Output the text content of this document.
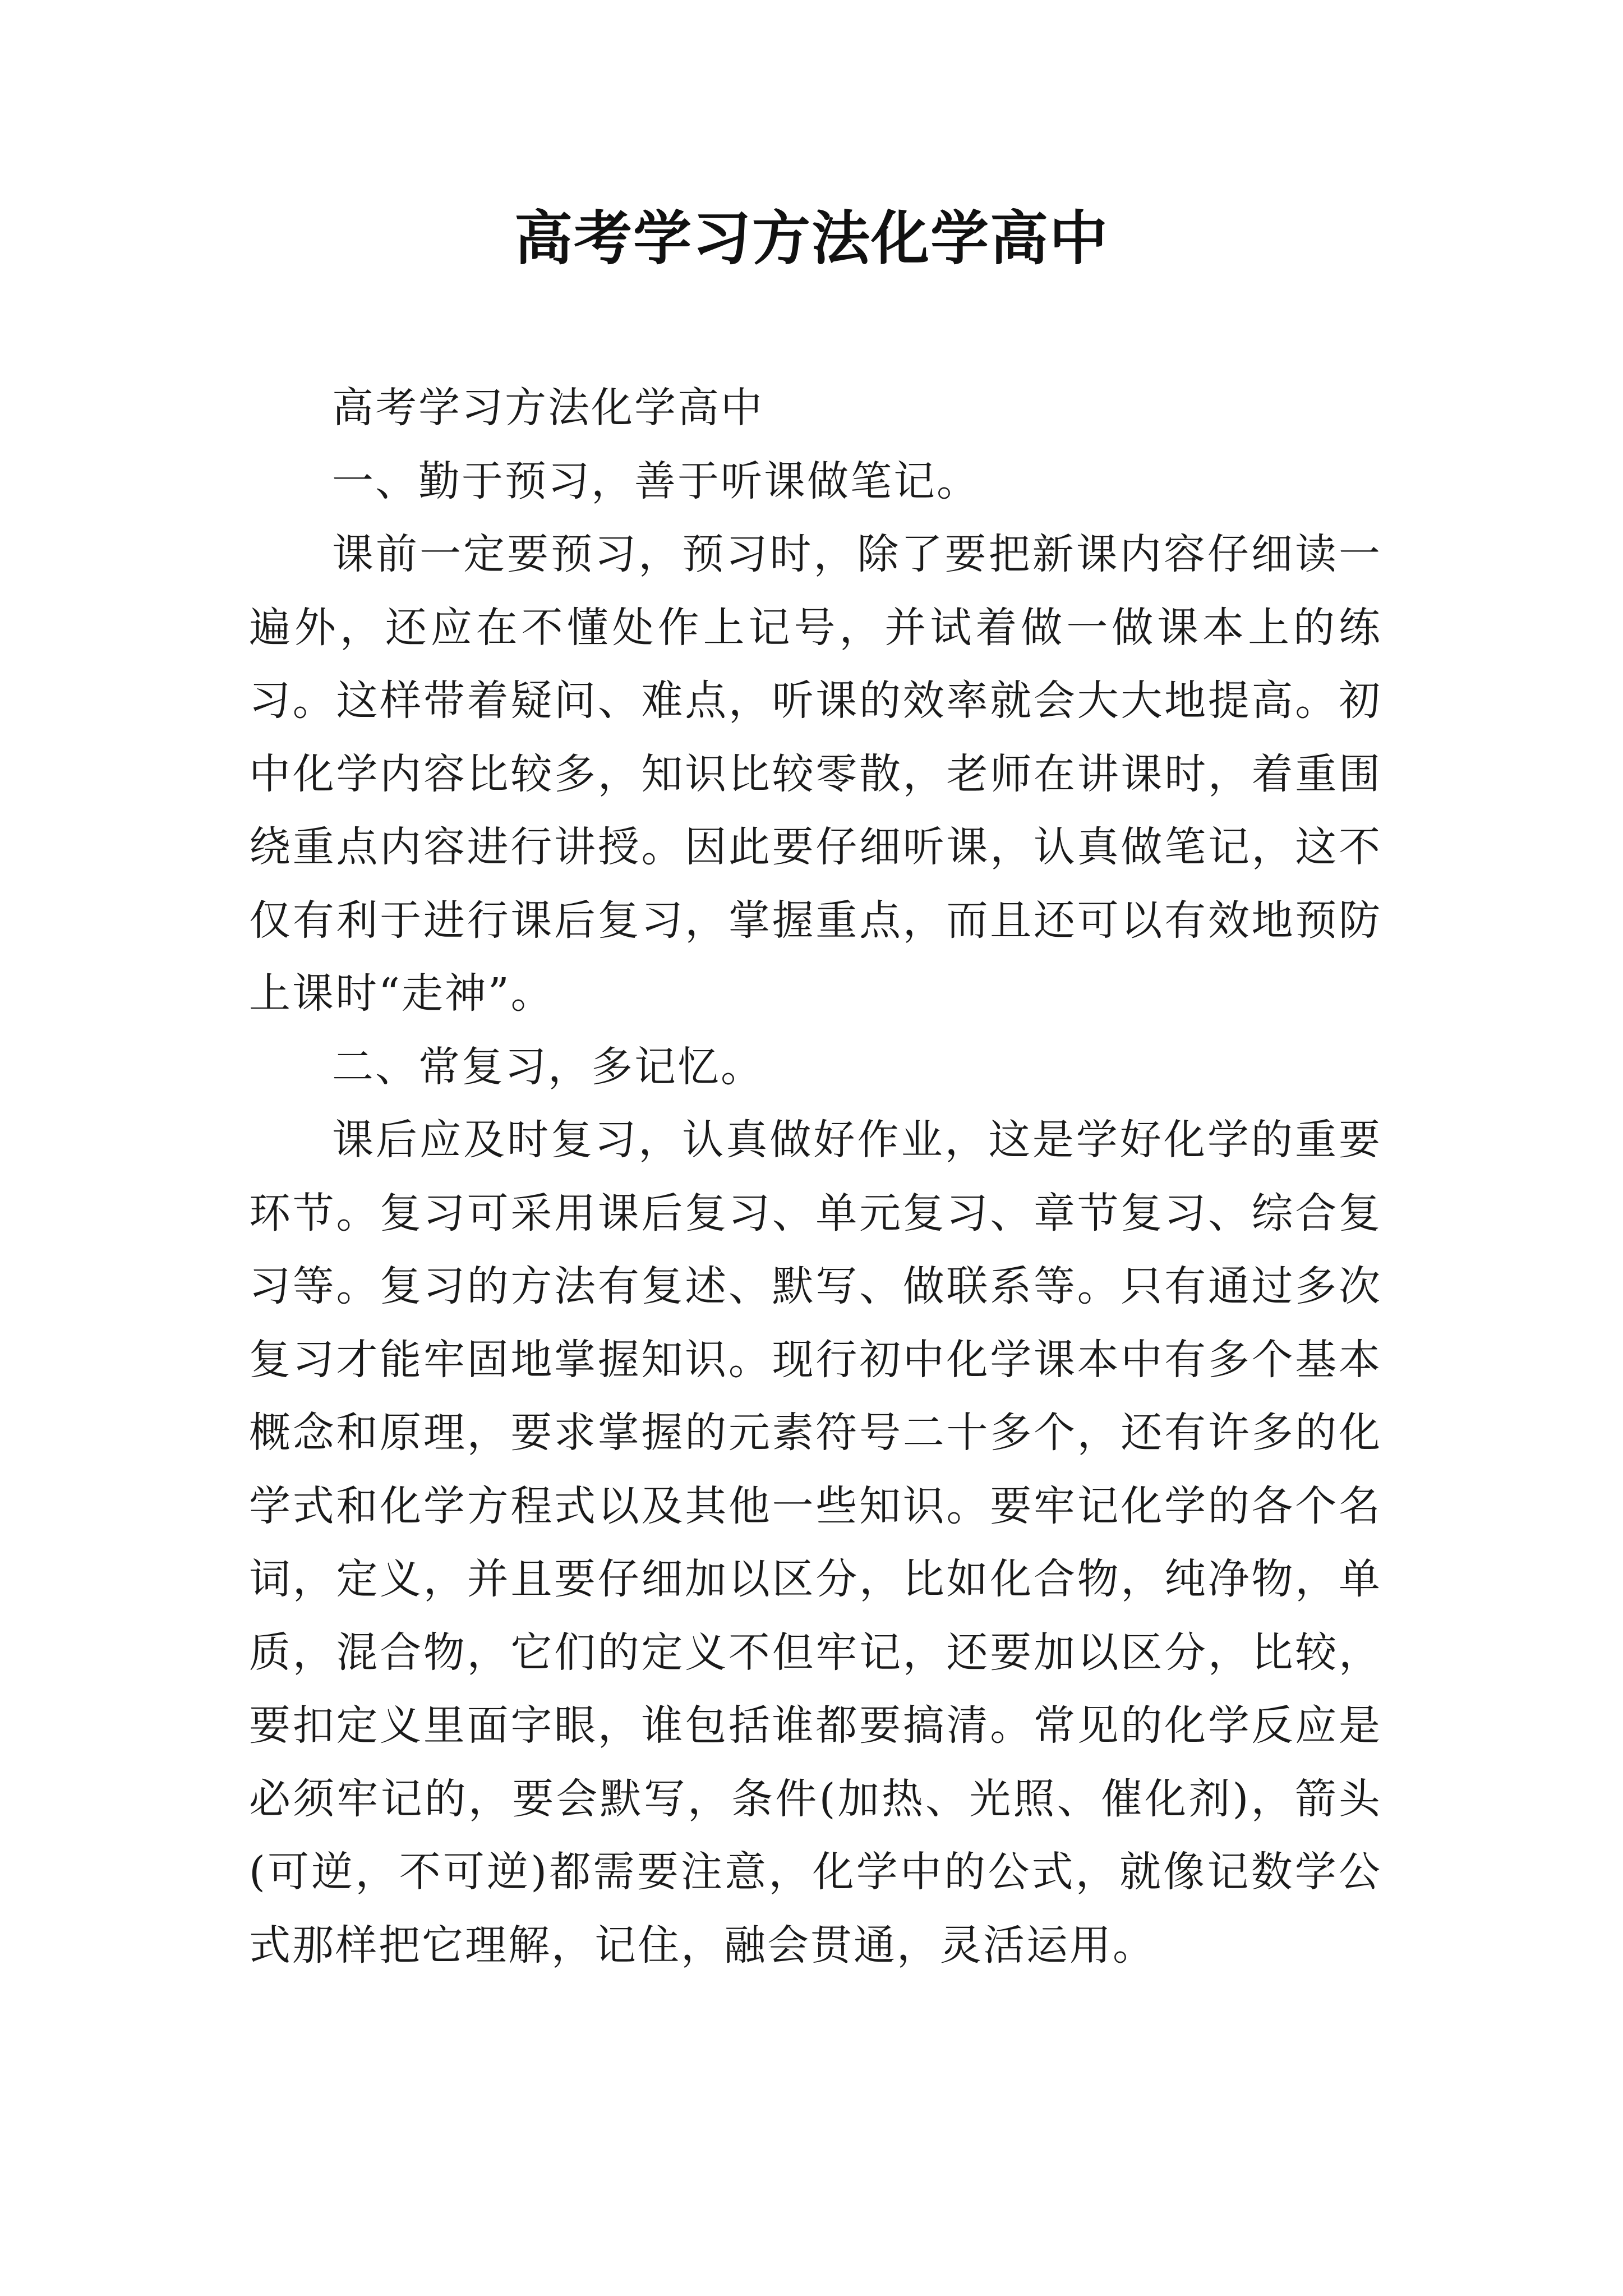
高考学习方法化学高中

高考学习方法化学高中

一、勤于预习，善于听课做笔记。

课前一定要预习，预习时，除了要把新课内容仔细读一遍外，还应在不懂处作上记号，并试着做一做课本上的练习。这样带着疑问、难点，听课的效率就会大大地提高。初中化学内容比较多，知识比较零散，老师在讲课时，着重围绕重点内容进行讲授。因此要仔细听课，认真做笔记，这不仅有利于进行课后复习，掌握重点，而且还可以有效地预防上课时“走神”。

二、常复习，多记忆。

课后应及时复习，认真做好作业，这是学好化学的重要环节。复习可采用课后复习、单元复习、章节复习、综合复习等。复习的方法有复述、默写、做联系等。只有通过多次复习才能牢固地掌握知识。现行初中化学课本中有多个基本概念和原理，要求掌握的元素符号二十多个，还有许多的化学式和化学方程式以及其他一些知识。要牢记化学的各个名词，定义，并且要仔细加以区分，比如化合物，纯净物，单质，混合物，它们的定义不但牢记，还要加以区分，比较，要扣定义里面字眼，谁包括谁都要搞清。常见的化学反应是必须牢记的，要会默写，条件(加热、光照、催化剂)，箭头(可逆，不可逆)都需要注意，化学中的公式，就像记数学公式那样把它理解，记住，融会贯通，灵活运用。
